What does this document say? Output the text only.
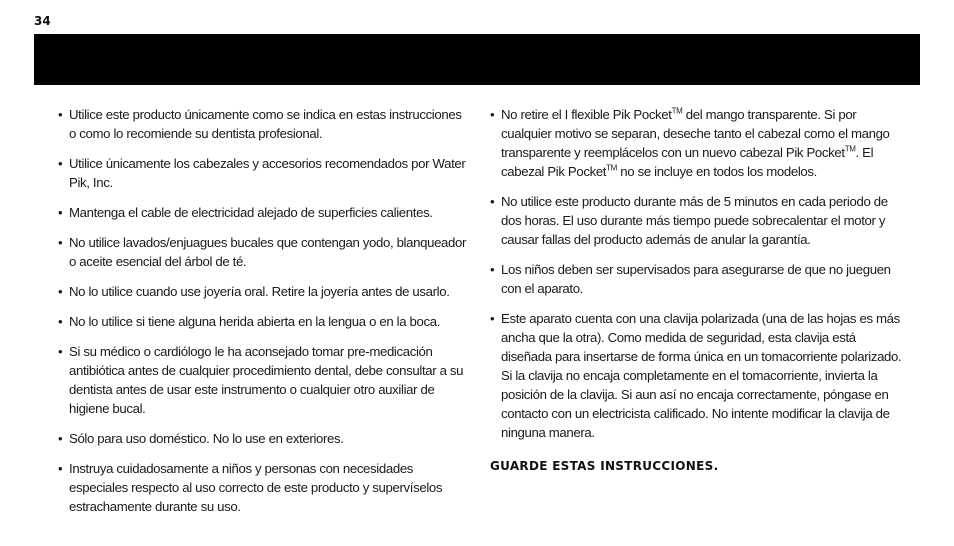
34
• Utilice este producto únicamente como se indica en estas instrucciones o como lo recomiende su dentista profesional.
• Utilice únicamente los cabezales y accesorios recomendados por Water Pik, Inc.
• Mantenga el cable de electricidad alejado de superficies calientes.
• No utilice lavados/enjuagues bucales que contengan yodo, blanqueador o aceite esencial del árbol de té.
• No lo utilice cuando use joyería oral. Retire la joyería antes de usarlo.
• No lo utilice si tiene alguna herida abierta en la lengua o en la boca.
• Si su médico o cardiólogo le ha aconsejado tomar pre-medicación antibiótica antes de cualquier procedimiento dental, debe consultar a su dentista antes de usar este instrumento o cualquier otro auxiliar de higiene bucal.
• Sólo para uso doméstico. No lo use en exteriores.
• Instruya cuidadosamente a niños y personas con necesidades especiales respecto al uso correcto de este producto y supervíselos estrachamente durante su uso.
• No retire el I flexible Pik Pocket™ del mango transparente. Si por cualquier motivo se separan, deseche tanto el cabezal como el mango transparente y reemplácelos con un nuevo cabezal Pik Pocket™. El cabezal Pik Pocket™ no se incluye en todos los modelos.
• No utilice este producto durante más de 5 minutos en cada periodo de dos horas. El uso durante más tiempo puede sobrecalentar el motor y causar fallas del producto además de anular la garantía.
• Los niños deben ser supervisados para asegurarse de que no jueguen con el aparato.
• Este aparato cuenta con una clavija polarizada (una de las hojas es más ancha que la otra). Como medida de seguridad, esta clavija está diseñada para insertarse de forma única en un tomacorriente polarizado. Si la clavija no encaja completamente en el tomacorriente, invierta la posición de la clavija. Si aun así no encaja correctamente, póngase en contacto con un electricista calificado. No intente modificar la clavija de ninguna manera.
GUARDE ESTAS INSTRUCCIONES.
